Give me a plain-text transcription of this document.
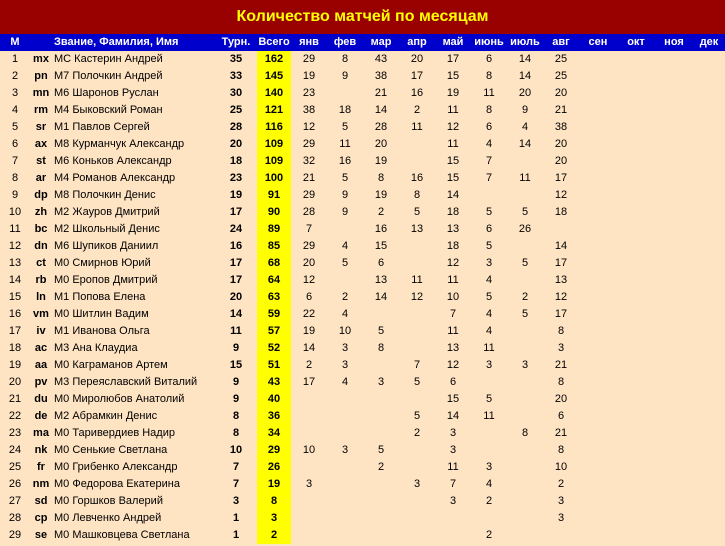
Количество матчей по месяцам
M		Звание, Фамилия, Имя	Турн.	Всего	янв	фев	мар	апр	май	июнь	июль	авг	сен	окт	ноя	дек
1	mx	МС Кастерин Андрей	35	162	29	8	43	20	17	6	14	25				
2	pn	М7 Полочкин Андрей	33	145	19	9	38	17	15	8	14	25				
3	mn	М6 Шаронов Руслан	30	140	23		21	16	19	11	20	20				
4	rm	М4 Быковский Роман	25	121	38	18	14	2	11	8	9	21				
5	sr	М1 Павлов Сергей	28	116	12	5	28	11	12	6	4	38				
6	ax	М8 Курманчук Александр	20	109	29	11	20		11	4	14	20				
7	st	М6 Коньков Александр	18	109	32	16	19		15	7		20				
8	ar	М4 Романов Александр	23	100	21	5	8	16	15	7	11	17				
9	dp	М8 Полочкин Денис	19	91	29	9	19	8	14			12				
10	zh	М2 Жауров Дмитрий	17	90	28	9	2	5	18	5	5	18				
11	bc	М2 Школьный Денис	24	89	7		16	13	13	6	26					
12	dn	М6 Шупиков Даниил	16	85	29	4	15		18	5		14				
13	ct	М0 Смирнов Юрий	17	68	20	5	6		12	3	5	17				
14	rb	М0 Еропов Дмитрий	17	64	12		13	11	11	4		13				
15	ln	М1 Попова Елена	20	63	6	2	14	12	10	5	2	12				
16	vm	М0 Шитлин Вадим	14	59	22	4			7	4	5	17				
17	iv	М1 Иванова Ольга	11	57	19	10	5		11	4		8				
18	ac	М3 Ана Клаудиа	9	52	14	3	8		13	11		3				
19	aa	М0 Каграманов Артем	15	51	2	3		7	12	3	3	21				
20	pv	М3 Переяславский Виталий	9	43	17	4	3	5	6			8				
21	du	М0 Миролюбов Анатолий	9	40					15	5		20				
22	de	М2 Абрамкин Денис	8	36				5	14	11		6				
23	ma	М0 Таривердиев Надир	8	34				2	3		8	21				
24	nk	М0 Сенькие Светлана	10	29	10	3	5		3			8				
25	fr	М0 Грибенко Александр	7	26			2		11	3		10				
26	nm	М0 Федорова Екатерина	7	19	3			3	7	4		2				
27	sd	М0 Горшков Валерий	3	8					3	2		3				
28	cp	М0 Левченко Андрей	1	3								3				
29	se	М0 Машковцева Светлана	1	2						2						
